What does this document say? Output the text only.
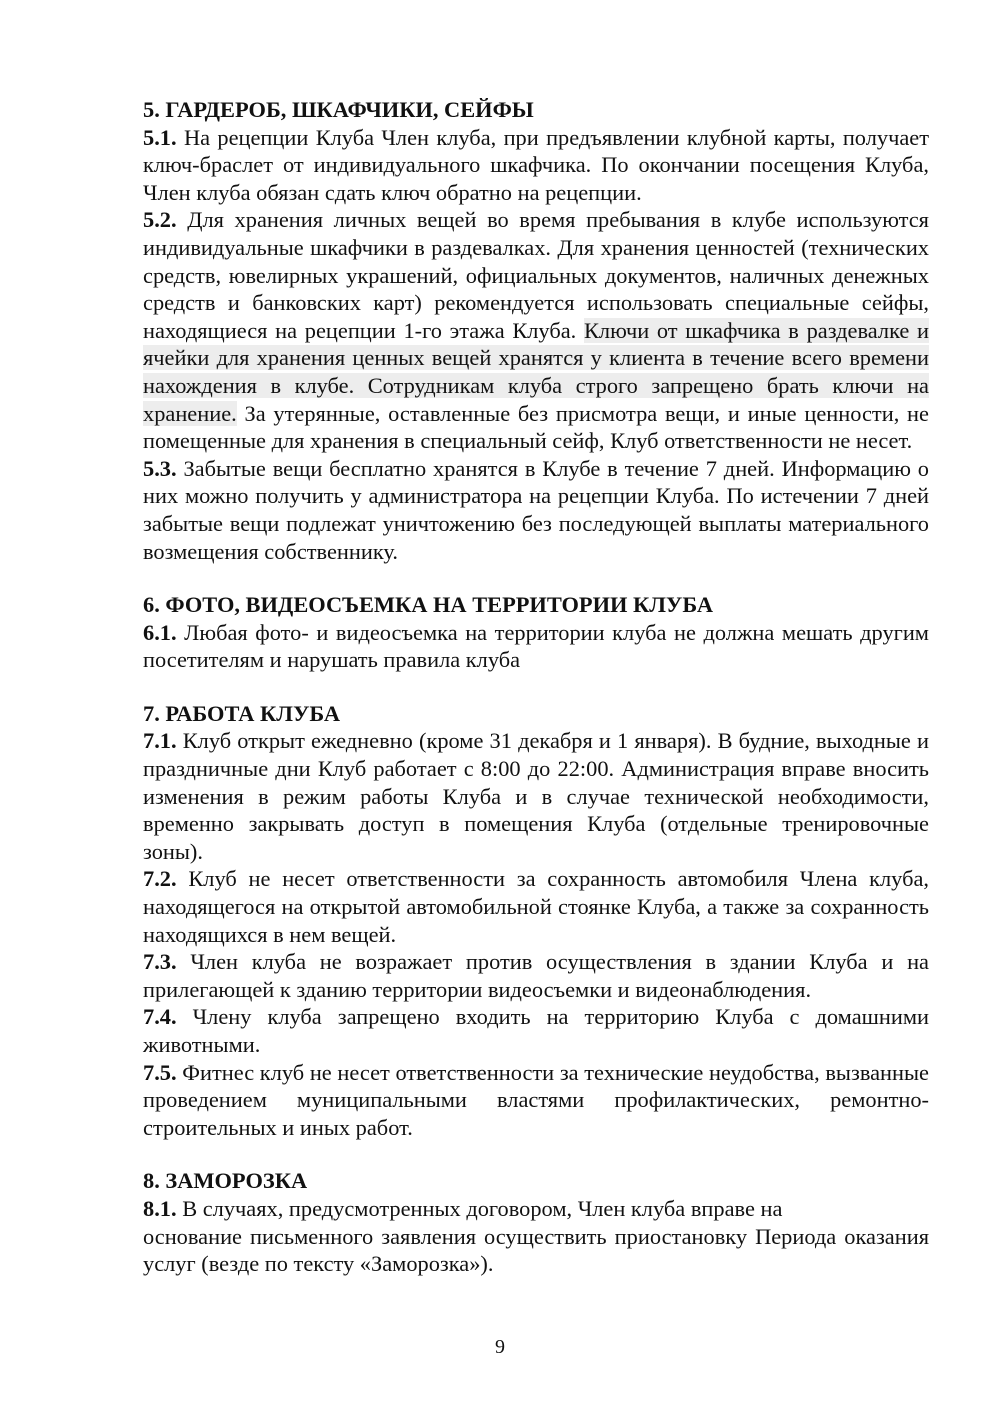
5. ГАРДЕРОБ, ШКАФЧИКИ, СЕЙФЫ

5.1. На рецепции Клуба Член клуба, при предъявлении клубной карты, получает ключ-браслет от индивидуального шкафчика. По окончании посещения Клуба, Член клуба обязан сдать ключ обратно на рецепции.

5.2. Для хранения личных вещей во время пребывания в клубе используются индивидуальные шкафчики в раздевалках. Для хранения ценностей (технических средств, ювелирных украшений, официальных документов, наличных денежных средств и банковских карт) рекомендуется использовать специальные сейфы, находящиеся на рецепции 1-го этажа Клуба. Ключи от шкафчика в раздевалке и ячейки для хранения ценных вещей хранятся у клиента в течение всего времени нахождения в клубе. Сотрудникам клуба строго запрещено брать ключи на хранение. За утерянные, оставленные без присмотра вещи, и иные ценности, не помещенные для хранения в специальный сейф, Клуб ответственности не несет.

5.3. Забытые вещи бесплатно хранятся в Клубе в течение 7 дней. Информацию о них можно получить у администратора на рецепции Клуба. По истечении 7 дней забытые вещи подлежат уничтожению без последующей выплаты материального возмещения собственнику.

6. ФОТО, ВИДЕОСЪЕМКА НА ТЕРРИТОРИИ КЛУБА

6.1. Любая фото- и видеосъемка на территории клуба не должна мешать другим посетителям и нарушать правила клуба

7. РАБОТА КЛУБА

7.1. Клуб открыт ежедневно (кроме 31 декабря и 1 января). В будние, выходные и праздничные дни Клуб работает с 8:00 до 22:00. Администрация вправе вносить изменения в режим работы Клуба и в случае технической необходимости, временно закрывать доступ в помещения Клуба (отдельные тренировочные зоны).

7.2. Клуб не несет ответственности за сохранность автомобиля Члена клуба, находящегося на открытой автомобильной стоянке Клуба, а также за сохранность находящихся в нем вещей.

7.3. Член клуба не возражает против осуществления в здании Клуба и на прилегающей к зданию территории видеосъемки и видеонаблюдения.

7.4. Члену клуба запрещено входить на территорию Клуба с домашними животными.

7.5. Фитнес клуб не несет ответственности за технические неудобства, вызванные проведением муниципальными властями профилактических, ремонтно-строительных и иных работ.

8. ЗАМОРОЗКА

8.1. В случаях, предусмотренных договором, Член клуба вправе на

основание письменного заявления осуществить приостановку Периода оказания услуг (везде по тексту «Заморозка»).

9
